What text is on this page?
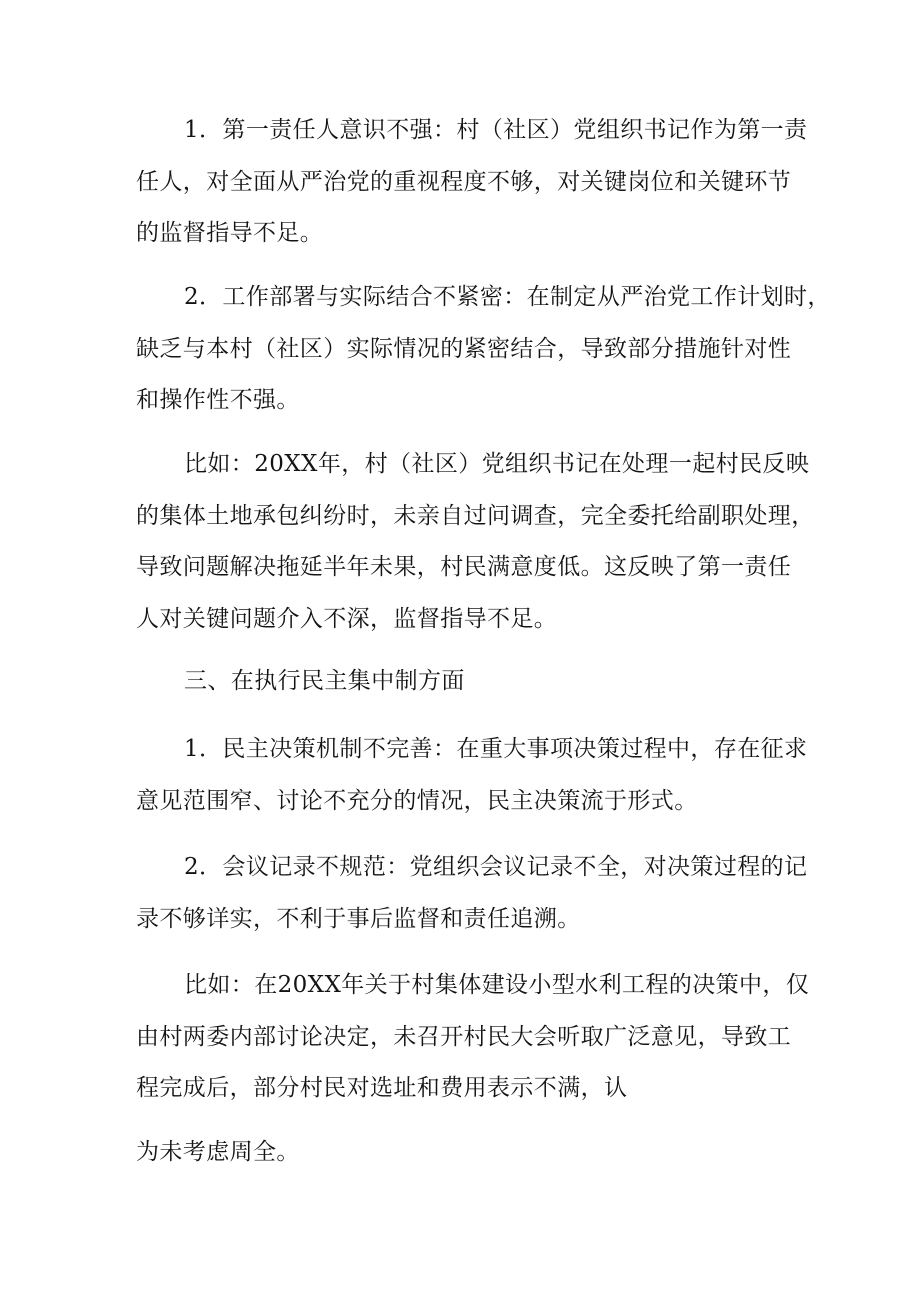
1．第一责任人意识不强：村（社区）党组织书记作为第一责
任人，对全面从严治党的重视程度不够，对关键岗位和关键环节
的监督指导不足。

2．工作部署与实际结合不紧密：在制定从严治党工作计划时，
缺乏与本村（社区）实际情况的紧密结合，导致部分措施针对性
和操作性不强。

比如：20XX年，村（社区）党组织书记在处理一起村民反映
的集体土地承包纠纷时，未亲自过问调查，完全委托给副职处理，
导致问题解决拖延半年未果，村民满意度低。这反映了第一责任
人对关键问题介入不深，监督指导不足。

三、在执行民主集中制方面

1．民主决策机制不完善：在重大事项决策过程中，存在征求
意见范围窄、讨论不充分的情况，民主决策流于形式。

2．会议记录不规范：党组织会议记录不全，对决策过程的记
录不够详实，不利于事后监督和责任追溯。

比如：在20XX年关于村集体建设小型水利工程的决策中，仅
由村两委内部讨论决定，未召开村民大会听取广泛意见，导致工
程完成后，部分村民对选址和费用表示不满，认
为未考虑周全。
